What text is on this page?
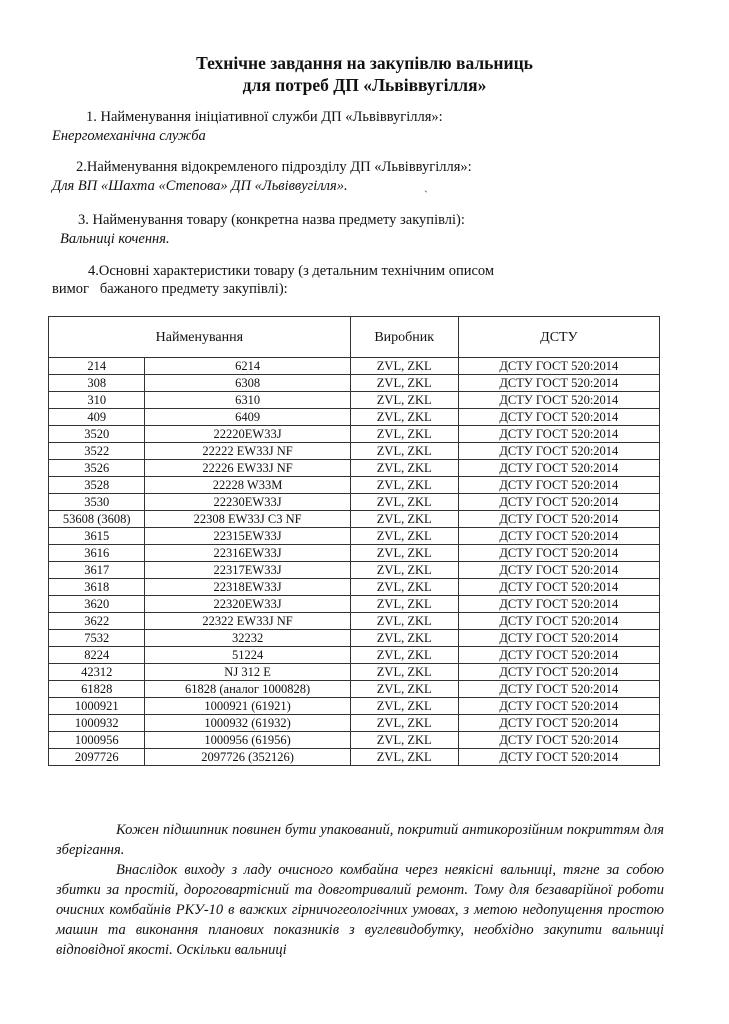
Технічне завдання на закупівлю вальниць
для потреб ДП «Львіввугілля»
1. Найменування ініціативної служби ДП «Львіввугілля»:
Енергомеханічна служба
2.Найменування відокремленого підрозділу ДП «Львіввугілля»:
Для ВП «Шахта «Степова» ДП «Львіввугілля».
`
3. Найменування товару (конкретна назва предмету закупівлі):
Вальниці кочення.
4.Основні характеристики товару (з детальним технічним описом
вимог   бажаного предмету закупівлі):
Найменування		Виробник	ДСТУ
214	6214	ZVL, ZKL	ДСТУ ГОСТ 520:2014
308	6308	ZVL, ZKL	ДСТУ ГОСТ 520:2014
310	6310	ZVL, ZKL	ДСТУ ГОСТ 520:2014
409	6409	ZVL, ZKL	ДСТУ ГОСТ 520:2014
3520	22220EW33J	ZVL, ZKL	ДСТУ ГОСТ 520:2014
3522	22222 EW33J NF	ZVL, ZKL	ДСТУ ГОСТ 520:2014
3526	22226 EW33J NF	ZVL, ZKL	ДСТУ ГОСТ 520:2014
3528	22228 W33M	ZVL, ZKL	ДСТУ ГОСТ 520:2014
3530	22230EW33J	ZVL, ZKL	ДСТУ ГОСТ 520:2014
53608 (3608)	22308 EW33J C3 NF	ZVL, ZKL	ДСТУ ГОСТ 520:2014
3615	22315EW33J	ZVL, ZKL	ДСТУ ГОСТ 520:2014
3616	22316EW33J	ZVL, ZKL	ДСТУ ГОСТ 520:2014
3617	22317EW33J	ZVL, ZKL	ДСТУ ГОСТ 520:2014
3618	22318EW33J	ZVL, ZKL	ДСТУ ГОСТ 520:2014
3620	22320EW33J	ZVL, ZKL	ДСТУ ГОСТ 520:2014
3622	22322 EW33J NF	ZVL, ZKL	ДСТУ ГОСТ 520:2014
7532	32232	ZVL, ZKL	ДСТУ ГОСТ 520:2014
8224	51224	ZVL, ZKL	ДСТУ ГОСТ 520:2014
42312	NJ 312 E	ZVL, ZKL	ДСТУ ГОСТ 520:2014
61828	61828 (аналог 1000828)	ZVL, ZKL	ДСТУ ГОСТ 520:2014
1000921	1000921 (61921)	ZVL, ZKL	ДСТУ ГОСТ 520:2014
1000932	1000932 (61932)	ZVL, ZKL	ДСТУ ГОСТ 520:2014
1000956	1000956 (61956)	ZVL, ZKL	ДСТУ ГОСТ 520:2014
2097726	2097726 (352126)	ZVL, ZKL	ДСТУ ГОСТ 520:2014
Кожен підшипник повинен бути упакований, покритий антикорозійним покриттям для зберігання.
Внаслідок виходу з ладу очисного комбайна через неякісні вальниці, тягне за собою збитки за простій, дороговартісний та довготривалий ремонт. Тому для безаварійної роботи очисних комбайнів РКУ-10 в важких гірничогеологічних умовах, з метою недопущення простою машин та виконання планових показників з вуглевидобутку, необхідно закупити вальниці відповідної якості. Оскільки вальниці
